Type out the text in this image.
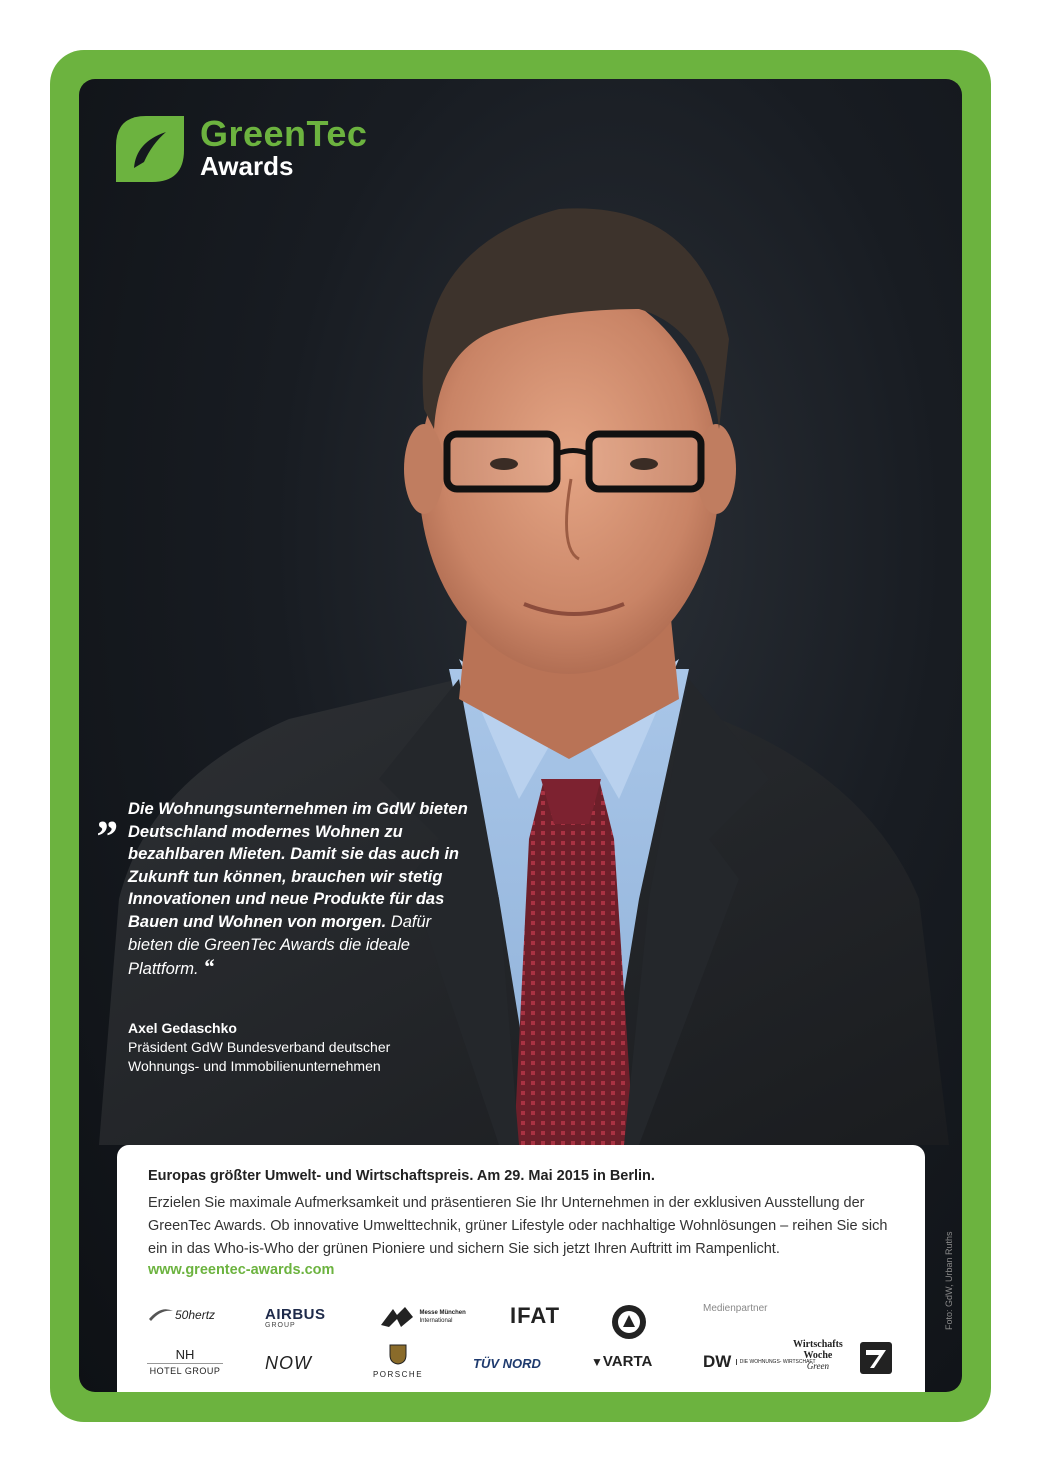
GreenTec
Awards
„ Die Wohnungsunternehmen im GdW bieten Deutschland modernes Wohnen zu bezahlbaren Mieten. Damit sie das auch in Zukunft tun können, brauchen wir stetig Innovationen und neue Produkte für das Bauen und Wohnen von morgen. Dafür bieten die GreenTec Awards die ideale Plattform. “
Axel Gedaschko
Präsident GdW Bundesverband deutscher
Wohnungs- und Immobilienunternehmen
Europas größter Umwelt- und Wirtschaftspreis. Am 29. Mai 2015 in Berlin.
Erzielen Sie maximale Aufmerksamkeit und präsentieren Sie Ihr Unternehmen in der exklusiven Ausstellung der GreenTec Awards. Ob innovative Umwelttechnik, grüner Lifestyle oder nachhaltige Wohnlösungen – reihen Sie sich ein in das Who-is-Who der grünen Pioniere und sichern Sie sich jetzt Ihren Auftritt im Rampenlicht.
www.greentec-awards.com
Medienpartner
50hertz	AIRBUS
GROUP

Messe München
International	IFAT
NH
HOTEL GROUP NOW
PORSCHE
TÜV NORD	▼VARTA	DW DIE WOHNUNGS- WIRTSCHAFT
Wirtschafts
Woche
Green
Foto: GdW, Urban Ruths
